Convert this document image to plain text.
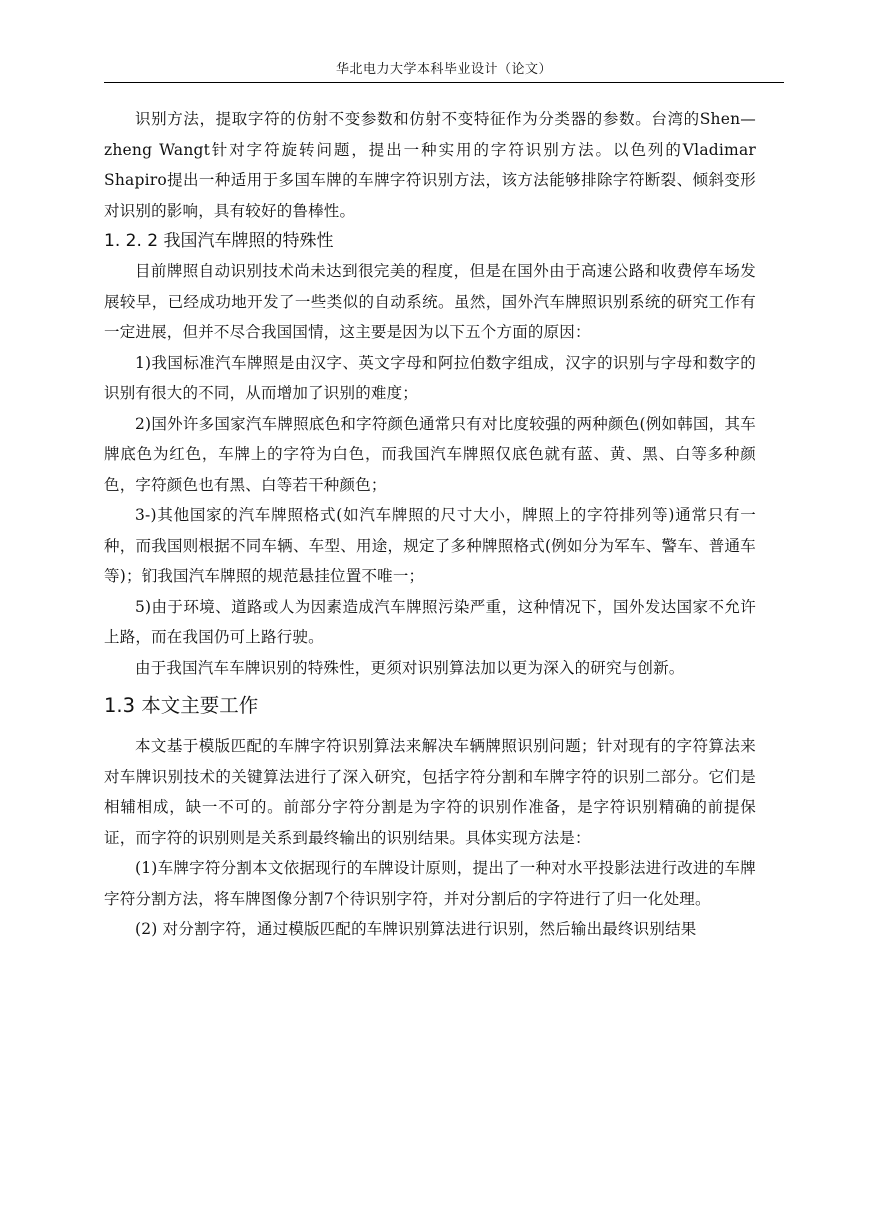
华北电力大学本科毕业设计（论文）

识别方法，提取字符的仿射不变参数和仿射不变特征作为分类器的参数。台湾的Shen—zheng Wangt针对字符旋转问题，提出一种实用的字符识别方法。以色列的Vladimar Shapiro提出一种适用于多国车牌的车牌字符识别方法，该方法能够排除字符断裂、倾斜变形对识别的影响，具有较好的鲁棒性。

1. 2. 2 我国汽车牌照的特殊性

目前牌照自动识别技术尚未达到很完美的程度，但是在国外由于高速公路和收费停车场发展较早，已经成功地开发了一些类似的自动系统。虽然，国外汽车牌照识别系统的研究工作有一定进展，但并不尽合我国国情，这主要是因为以下五个方面的原因：

1)我国标准汽车牌照是由汉字、英文字母和阿拉伯数字组成，汉字的识别与字母和数字的识别有很大的不同，从而增加了识别的难度；

2)国外许多国家汽车牌照底色和字符颜色通常只有对比度较强的两种颜色(例如韩国，其车牌底色为红色，车牌上的字符为白色，而我国汽车牌照仅底色就有蓝、黄、黑、白等多种颜色，字符颜色也有黑、白等若干种颜色；

3-)其他国家的汽车牌照格式(如汽车牌照的尺寸大小，牌照上的字符排列等)通常只有一种，而我国则根据不同车辆、车型、用途，规定了多种牌照格式(例如分为军车、警车、普通车等)；钔我国汽车牌照的规范悬挂位置不唯一；

5)由于环境、道路或人为因素造成汽车牌照污染严重，这种情况下，国外发达国家不允许上路，而在我国仍可上路行驶。

由于我国汽车车牌识别的特殊性，更须对识别算法加以更为深入的研究与创新。

1.3 本文主要工作

本文基于模版匹配的车牌字符识别算法来解决车辆牌照识别问题；针对现有的字符算法来对车牌识别技术的关键算法进行了深入研究，包括字符分割和车牌字符的识别二部分。它们是相辅相成，缺一不可的。前部分字符分割是为字符的识别作准备，是字符识别精确的前提保证，而字符的识别则是关系到最终输出的识别结果。具体实现方法是：

(1)车牌字符分割本文依据现行的车牌设计原则，提出了一种对水平投影法进行改进的车牌字符分割方法，将车牌图像分割7个待识别字符，并对分割后的字符进行了归一化处理。

(2) 对分割字符，通过模版匹配的车牌识别算法进行识别，然后输出最终识别结果
